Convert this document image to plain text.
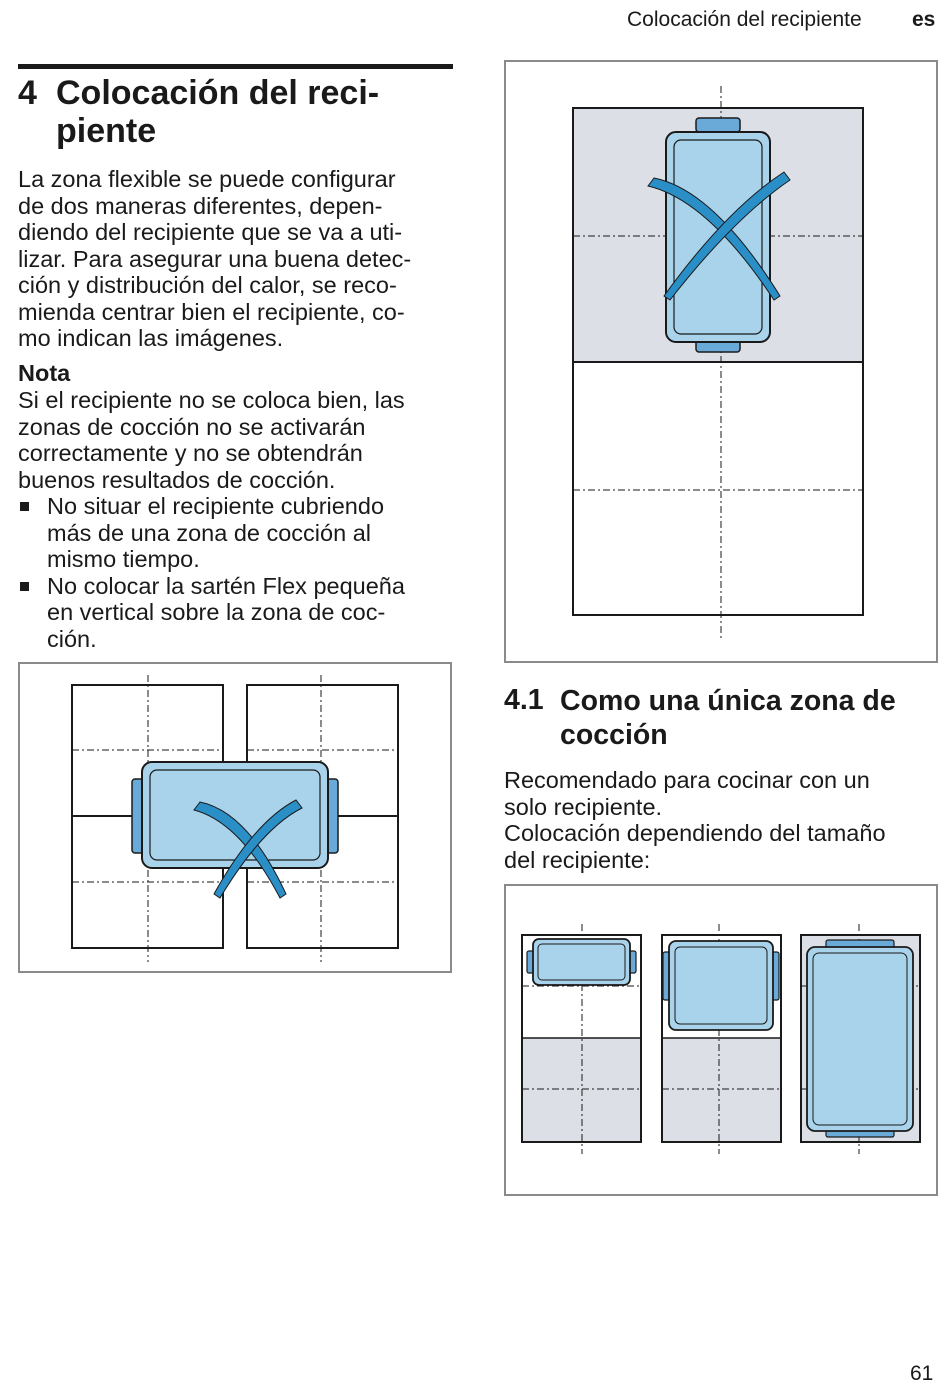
Colocación del recipiente es
4 Colocación del reci-
piente
La zona flexible se puede configurar
de dos maneras diferentes, depen-
diendo del recipiente que se va a uti-
lizar. Para asegurar una buena detec-
ción y distribución del calor, se reco-
mienda centrar bien el recipiente, co-
mo indican las imágenes.
Nota
Si el recipiente no se coloca bien, las
zonas de cocción no se activarán
correctamente y no se obtendrán
buenos resultados de cocción.
No situar el recipiente cubriendo
más de una zona de cocción al
mismo tiempo.
No colocar la sartén Flex pequeña
en vertical sobre la zona de coc-
ción.
4.1 Como una única zona de
cocción
Recomendado para cocinar con un
solo recipiente.
Colocación dependiendo del tamaño
del recipiente:
61
